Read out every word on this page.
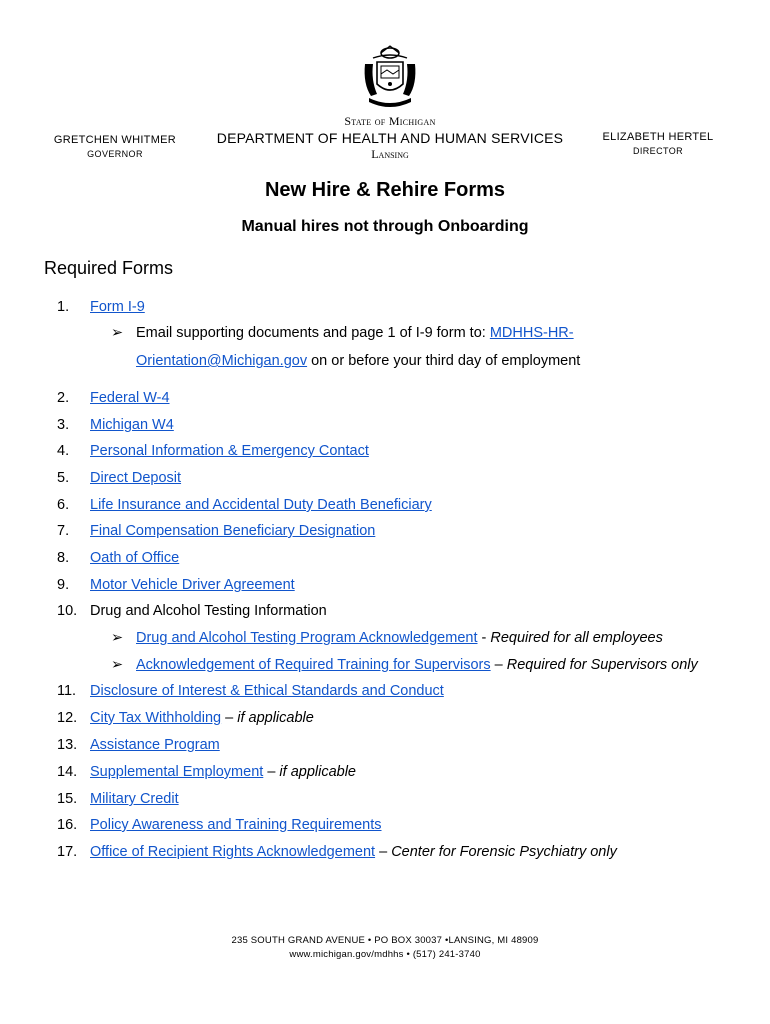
State of Michigan
DEPARTMENT OF HEALTH AND HUMAN SERVICES
Lansing
GRETCHEN WHITMER
GOVERNOR
ELIZABETH HERTEL
DIRECTOR
New Hire & Rehire Forms
Manual hires not through Onboarding
Required Forms
1. Form I-9
➢ Email supporting documents and page 1 of I-9 form to: MDHHS-HR-
Orientation@Michigan.gov on or before your third day of employment
2. Federal W-4
3. Michigan W4
4. Personal Information & Emergency Contact
5. Direct Deposit
6. Life Insurance and Accidental Duty Death Beneficiary
7. Final Compensation Beneficiary Designation
8. Oath of Office
9. Motor Vehicle Driver Agreement
10. Drug and Alcohol Testing Information
➢ Drug and Alcohol Testing Program Acknowledgement - Required for all employees
➢ Acknowledgement of Required Training for Supervisors – Required for Supervisors only
11. Disclosure of Interest & Ethical Standards and Conduct
12. City Tax Withholding – if applicable
13. Assistance Program
14. Supplemental Employment – if applicable
15. Military Credit
16. Policy Awareness and Training Requirements
17. Office of Recipient Rights Acknowledgement – Center for Forensic Psychiatry only
235 SOUTH GRAND AVENUE • PO BOX 30037 •LANSING, MI 48909
www.michigan.gov/mdhhs • (517) 241-3740
